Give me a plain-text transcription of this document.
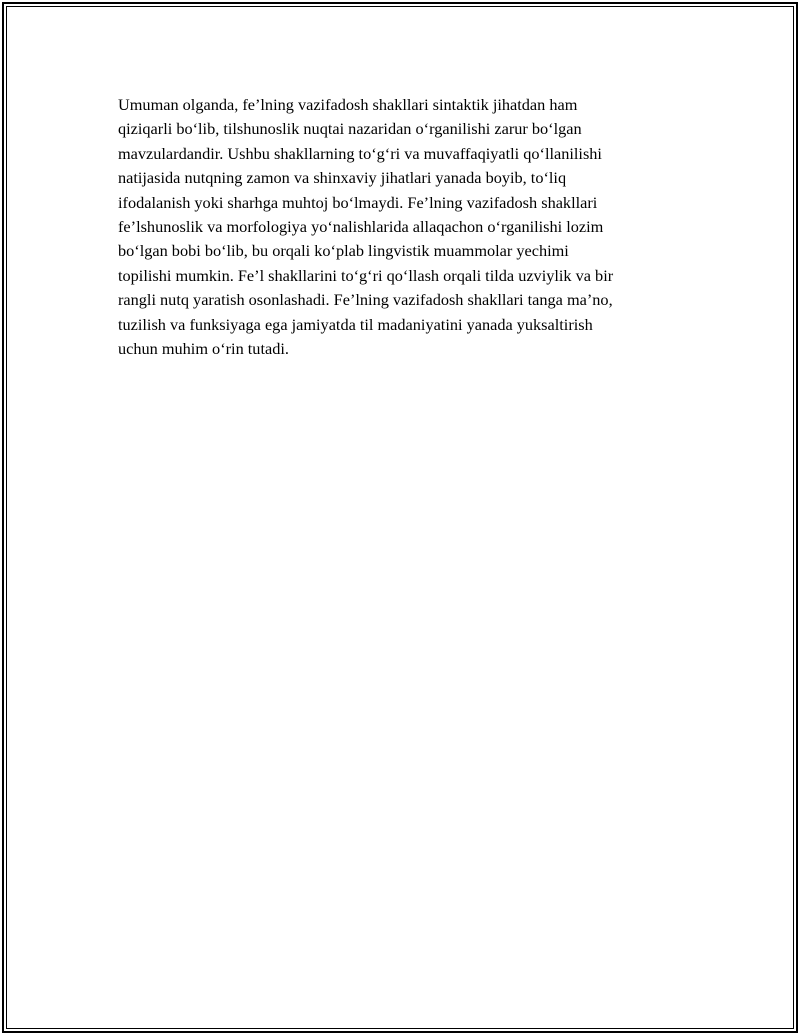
Umuman olganda, fe’lning vazifadosh shakllari sintaktik jihatdan ham
qiziqarli bo‘lib, tilshunoslik nuqtai nazaridan o‘rganilishi zarur bo‘lgan
mavzulardandir. Ushbu shakllarning to‘g‘ri va muvaffaqiyatli qo‘llanilishi
natijasida nutqning zamon va shinxaviy jihatlari yanada boyib, to‘liq
ifodalanish yoki sharhga muhtoj bo‘lmaydi. Fe’lning vazifadosh shakllari
fe’lshunoslik va morfologiya yo‘nalishlarida allaqachon o‘rganilishi lozim
bo‘lgan bobi bo‘lib, bu orqali ko‘plab lingvistik muammolar yechimi
topilishi mumkin. Fe’l shakllarini to‘g‘ri qo‘llash orqali tilda uzviylik va bir
rangli nutq yaratish osonlashadi. Fe’lning vazifadosh shakllari tanga ma’no,
tuzilish va funksiyaga ega jamiyatda til madaniyatini yanada yuksaltirish
uchun muhim o‘rin tutadi.
